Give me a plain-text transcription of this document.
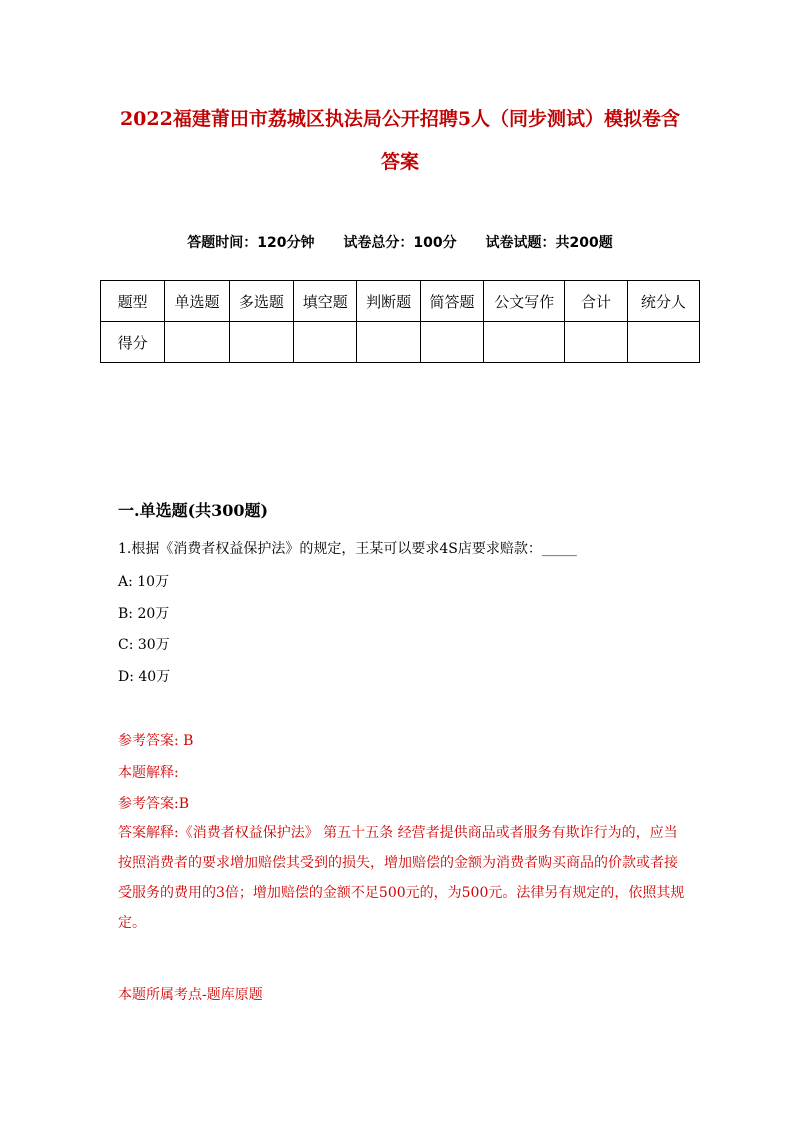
2022福建莆田市荔城区执法局公开招聘5人（同步测试）模拟卷含
答案
答题时间：120分钟 试卷总分：100分 试卷试题：共200题
题型	单选题	多选题	填空题	判断题	简答题	公文写作	合计	统分人
得分								
一.单选题(共300题)
1.根据《消费者权益保护法》的规定，王某可以要求4S店要求赔款：_____
A: 10万
B: 20万
C: 30万
D: 40万
参考答案: B
本题解释:
参考答案:B
答案解释:《消费者权益保护法》 第五十五条 经营者提供商品或者服务有欺诈行为的，应当按照消费者的要求增加赔偿其受到的损失，增加赔偿的金额为消费者购买商品的价款或者接受服务的费用的3倍；增加赔偿的金额不足500元的，为500元。法律另有规定的，依照其规定。
本题所属考点-题库原题
